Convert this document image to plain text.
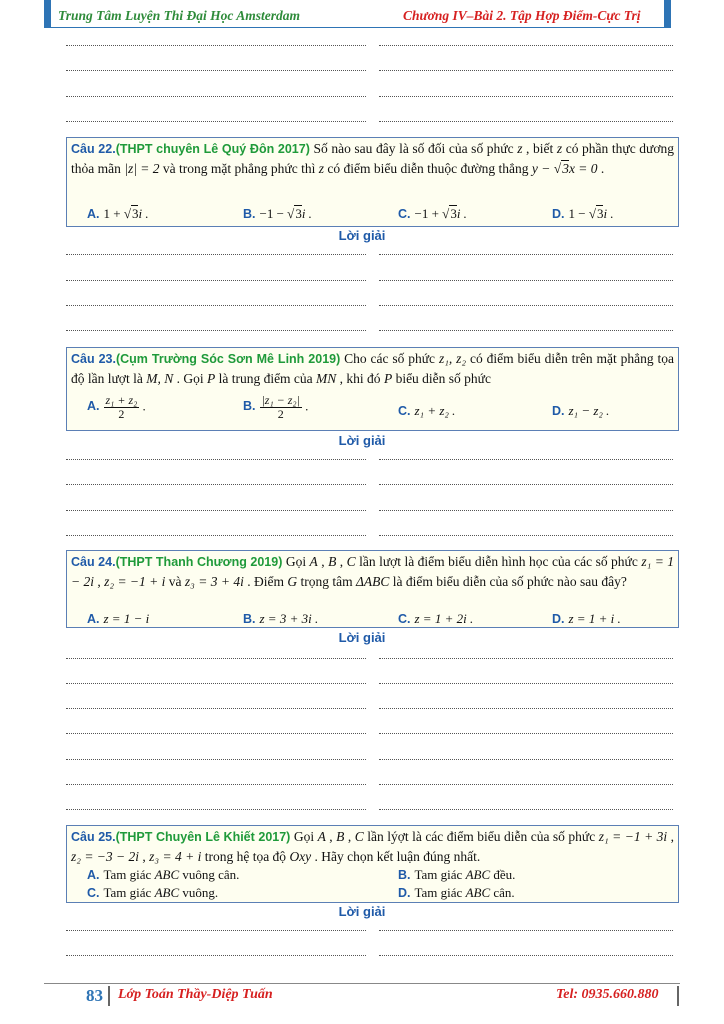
Trung Tâm Luyện Thi Đại Học Amsterdam	Chương IV–Bài 2. Tập Hợp Điểm-Cực Trị
Câu 22.(THPT chuyên Lê Quý Đôn 2017) Số nào sau đây là số đối của số phức z , biết z có phần thực dương thỏa mãn |z| = 2 và trong mặt phẳng phức thì z có điểm biểu diễn thuộc đường thẳng y − √3x = 0 .
A. 1 + √3i .	B. −1 − √3i .	C. −1 + √3i .	D. 1 − √3i .
Lời giải
Câu 23.(Cụm Trường Sóc Sơn Mê Linh 2019) Cho các số phức z₁, z₂ có điểm biểu diễn trên mặt phẳng tọa độ lần lượt là M, N . Gọi P là trung điểm của MN , khi đó P biểu diễn số phức
A. $\frac{\text{z₁ + z₂}}{2}$ .	B. $\frac{\text{|z₁ − z₂|}}{2}$ .	C. z₁ + z₂ .	D. z₁ − z₂ .
Lời giải
Câu 24.(THPT Thanh Chương 2019) Gọi A , B , C lần lượt là điểm biểu diễn hình học của các số phức z₁ = 1 − 2i , z₂ = −1 + i và z₃ = 3 + 4i . Điểm G trọng tâm ΔABC là điểm biểu diễn của số phức nào sau đây?
A. z = 1 − i	B. z = 3 + 3i .	C. z = 1 + 2i .	D. z = 1 + i .
Lời giải
Câu 25.(THPT Chuyên Lê Khiết 2017) Gọi A , B , C lần lýợt là các điểm biểu diễn của số phức z₁ = −1 + 3i , z₂ = −3 − 2i , z₃ = 4 + i trong hệ tọa độ Oxy . Hãy chọn kết luận đúng nhất.
A. Tam giác ABC vuông cân.	B. Tam giác ABC đều.
C. Tam giác ABC vuông.	D. Tam giác ABC cân.
Lời giải
83 Lớp Toán Thầy-Diệp Tuấn	Tel: 0935.660.880
